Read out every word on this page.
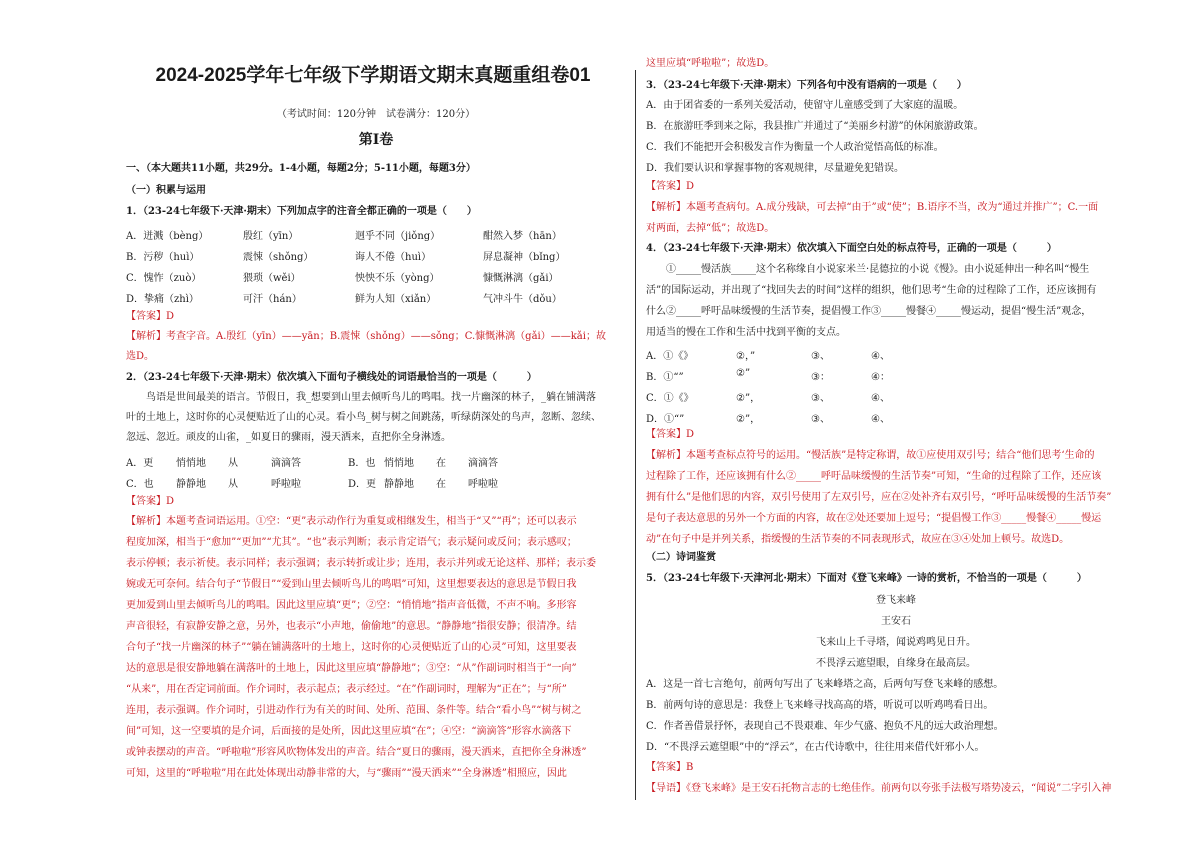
2024-2025学年七年级下学期语文期末真题重组卷01
（考试时间：120分钟　试卷满分：120分）
第Ⅰ卷
一、（本大题共11小题，共29分。1-4小题，每题2分；5-11小题，每题3分）
（一）积累与运用
1．（23-24七年级下·天津·期末）下列加点字的注音全都正确的一项是（　　）
A．迸溅（bèng）	殷红（yīn）	迥乎不同（jiǒng）	酣然入梦（hān）
B．污秽（huì）	震悚（shǒng）	诲人不倦（huì）	屏息凝神（bǐng）
C．愧怍（zuò）	猥琐（wěi）	怏怏不乐（yòng）	慷慨淋漓（gǎi）
D．挚痛（zhì）	可汗（hán）	鲜为人知（xiǎn）	气冲斗牛（dǒu）
【答案】D
【解析】考查字音。A.殷红（yīn）——yān；B.震悚（shǒng）——sǒng；C.慷慨淋漓（gǎi）——kǎi；故
选D。
2．（23-24七年级下·天津·期末）依次填入下面句子横线处的词语最恰当的一项是（　　　）
鸟语是世间最美的语言。节假日，我_想要到山里去倾听鸟儿的鸣唱。找一片幽深的林子，_躺在铺满落
叶的土地上，这时你的心灵便贴近了山的心灵。看小鸟_树与树之间跳荡，听绿荫深处的鸟声，忽断、忽续、
忽远、忽近。顽皮的山雀，_如夏日的骤雨，漫天洒来，直把你全身淋透。
A．更 悄悄地 从	滴滴答	B．也 悄悄地 在 滴滴答
C．也 静静地 从	呼啦啦	D．更 静静地 在 呼啦啦
【答案】D
【解析】本题考查词语运用。①空：“更”表示动作行为重复或相继发生，相当于“又”“再”；还可以表示
程度加深，相当于“愈加”“更加”“尤其”。“也”表示判断；表示肯定语气；表示疑问或反问；表示感叹；
表示停顿；表示祈使。表示同样；表示强调；表示转折或让步；连用，表示并列或无论这样、那样；表示委
婉或无可奈何。结合句子“节假日”“爱到山里去倾听鸟儿的鸣唱”可知，这里想要表达的意思是节假日我
更加爱到山里去倾听鸟儿的鸣唱。因此这里应填“更”；②空：“悄悄地”指声音低微，不声不响。多形容
声音很轻，有寂静安静之意，另外，也表示“小声地，偷偷地”的意思。“静静地”指很安静；很清净。结
合句子“找一片幽深的林子”“躺在铺满落叶的土地上，这时你的心灵便贴近了山的心灵”可知，这里要表
达的意思是很安静地躺在满落叶的土地上，因此这里应填“静静地”；③空：“从”作副词时相当于“一向”
“从来”，用在否定词前面。作介词时，表示起点；表示经过。“在”作副词时，理解为“正在”；与“所”
连用，表示强调。作介词时，引进动作行为有关的时间、处所、范围、条件等。结合“看小鸟”“树与树之
间”可知，这一空要填的是介词，后面接的是处所，因此这里应填“在”；④空：“滴滴答”形容水滴落下
或钟表摆动的声音。“呼啦啦”形容风吹物体发出的声音。结合“夏日的骤雨，漫天洒来，直把你全身淋透”
可知，这里的“呼啦啦”用在此处体现出动静非常的大，与“骤雨”“漫天洒来”“全身淋透”相照应，因此
这里应填“呼啦啦”；故选D。
3．（23-24七年级下·天津·期末）下列各句中没有语病的一项是（　　）
A．由于团省委的一系列关爱活动，使留守儿童感受到了大家庭的温暖。
B．在旅游旺季到来之际，我县推广并通过了“美丽乡村游”的休闲旅游政策。
C．我们不能把开会积极发言作为衡量一个人政治觉悟高低的标准。
D．我们要认识和掌握事物的客观规律，尽量避免犯错误。
【答案】D
【解析】本题考查病句。A.成分残缺，可去掉“由于”或“使”；B.语序不当，改为“通过并推广”；C.一面
对两面，去掉“低”；故选D。
4．（23-24七年级下·天津·期末）依次填入下面空白处的标点符号，正确的一项是（　　　）
①_____慢活族_____这个名称缘自小说家米兰·昆德拉的小说《慢》。由小说延伸出一种名叫“慢生
活”的国际运动，并出现了“找回失去的时间”这样的组织，他们思考“生命的过程除了工作，还应该拥有
什么②_____呼吁品味缓慢的生活节奏，提倡慢工作③_____慢餐④_____慢运动，提倡“慢生活”观念，
用适当的慢在工作和生活中找到平衡的支点。
A．①《》	②，”	③、	④、
B．①“”	②”	③：	④：
C．①《》	②”，	③、	④、
D．①“”	②”，	③、	④、
【答案】D
【解析】本题考查标点符号的运用。“慢活族”是特定称谓，故①应使用双引号；结合“他们思考‘生命的
过程除了工作，还应该拥有什么②_____呼吁品味缓慢的生活节奏”可知，“生命的过程除了工作，还应该
拥有什么”是他们思的内容，双引号使用了左双引号，应在②处补齐右双引号，“呼吁品味缓慢的生活节奏”
是句子表达意思的另外一个方面的内容，故在②处还要加上逗号；“提倡慢工作③_____慢餐④_____慢运
动”在句子中是并列关系，指缓慢的生活节奏的不同表现形式，故应在③④处加上顿号。故选D。
（二）诗词鉴赏
5．（23-24七年级下·天津河北·期末）下面对《登飞来峰》一诗的赏析，不恰当的一项是（　　　）
登飞来峰
王安石
飞来山上千寻塔，闻说鸡鸣见日升。
不畏浮云遮望眼，自缘身在最高层。
A．这是一首七言绝句，前两句写出了飞来峰塔之高，后两句写登飞来峰的感想。
B．前两句诗的意思是：我登上飞来峰寻找高高的塔，听说可以听鸡鸣看日出。
C．作者善借景抒怀，表现自己不畏艰难、年少气盛、抱负不凡的远大政治理想。
D．“不畏浮云遮望眼”中的“浮云”，在古代诗歌中，往往用来借代奸邪小人。
【答案】B
【导语】《登飞来峰》是王安石托物言志的七绝佳作。前两句以夸张手法极写塔势凌云，“闻说”二字引入神
